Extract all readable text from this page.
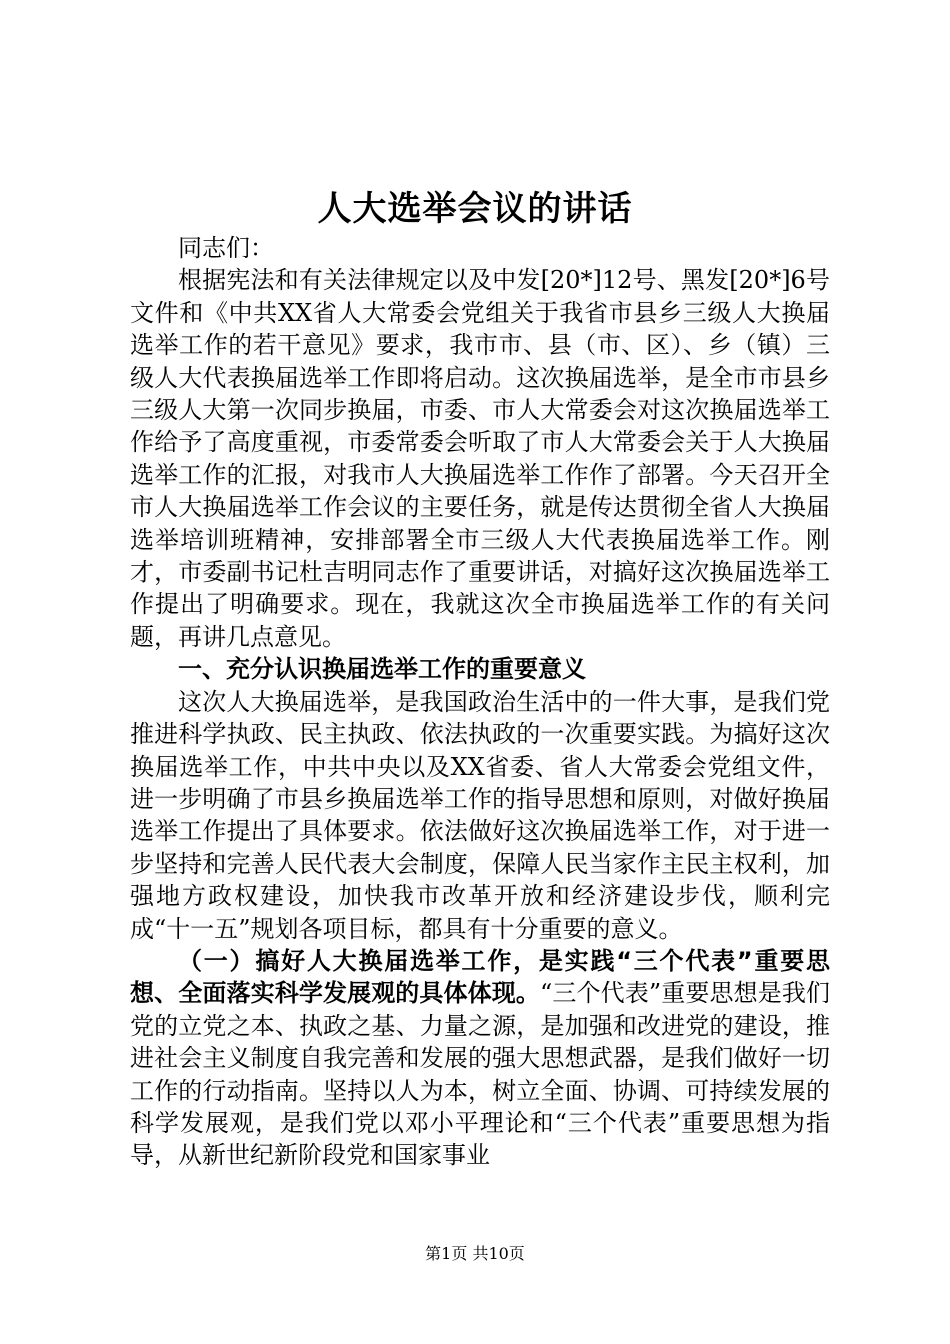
人大选举会议的讲话

同志们：

根据宪法和有关法律规定以及中发[20*]12号、黑发[20*]6号文件和《中共XX省人大常委会党组关于我省市县乡三级人大换届选举工作的若干意见》要求，我市市、县（市、区）、乡（镇）三级人大代表换届选举工作即将启动。这次换届选举，是全市市县乡三级人大第一次同步换届，市委、市人大常委会对这次换届选举工作给予了高度重视，市委常委会听取了市人大常委会关于人大换届选举工作的汇报，对我市人大换届选举工作作了部署。今天召开全市人大换届选举工作会议的主要任务，就是传达贯彻全省人大换届选举培训班精神，安排部署全市三级人大代表换届选举工作。刚才，市委副书记杜吉明同志作了重要讲话，对搞好这次换届选举工作提出了明确要求。现在，我就这次全市换届选举工作的有关问题，再讲几点意见。

一、充分认识换届选举工作的重要意义

这次人大换届选举，是我国政治生活中的一件大事，是我们党推进科学执政、民主执政、依法执政的一次重要实践。为搞好这次换届选举工作，中共中央以及XX省委、省人大常委会党组文件，进一步明确了市县乡换届选举工作的指导思想和原则，对做好换届选举工作提出了具体要求。依法做好这次换届选举工作，对于进一步坚持和完善人民代表大会制度，保障人民当家作主民主权利，加强地方政权建设，加快我市改革开放和经济建设步伐，顺利完成“十一五”规划各项目标，都具有十分重要的意义。

（一）搞好人大换届选举工作，是实践“三个代表”重要思想、全面落实科学发展观的具体体现。“三个代表”重要思想是我们党的立党之本、执政之基、力量之源，是加强和改进党的建设，推进社会主义制度自我完善和发展的强大思想武器，是我们做好一切工作的行动指南。坚持以人为本，树立全面、协调、可持续发展的科学发展观，是我们党以邓小平理论和“三个代表”重要思想为指导，从新世纪新阶段党和国家事业

第1页 共10页
